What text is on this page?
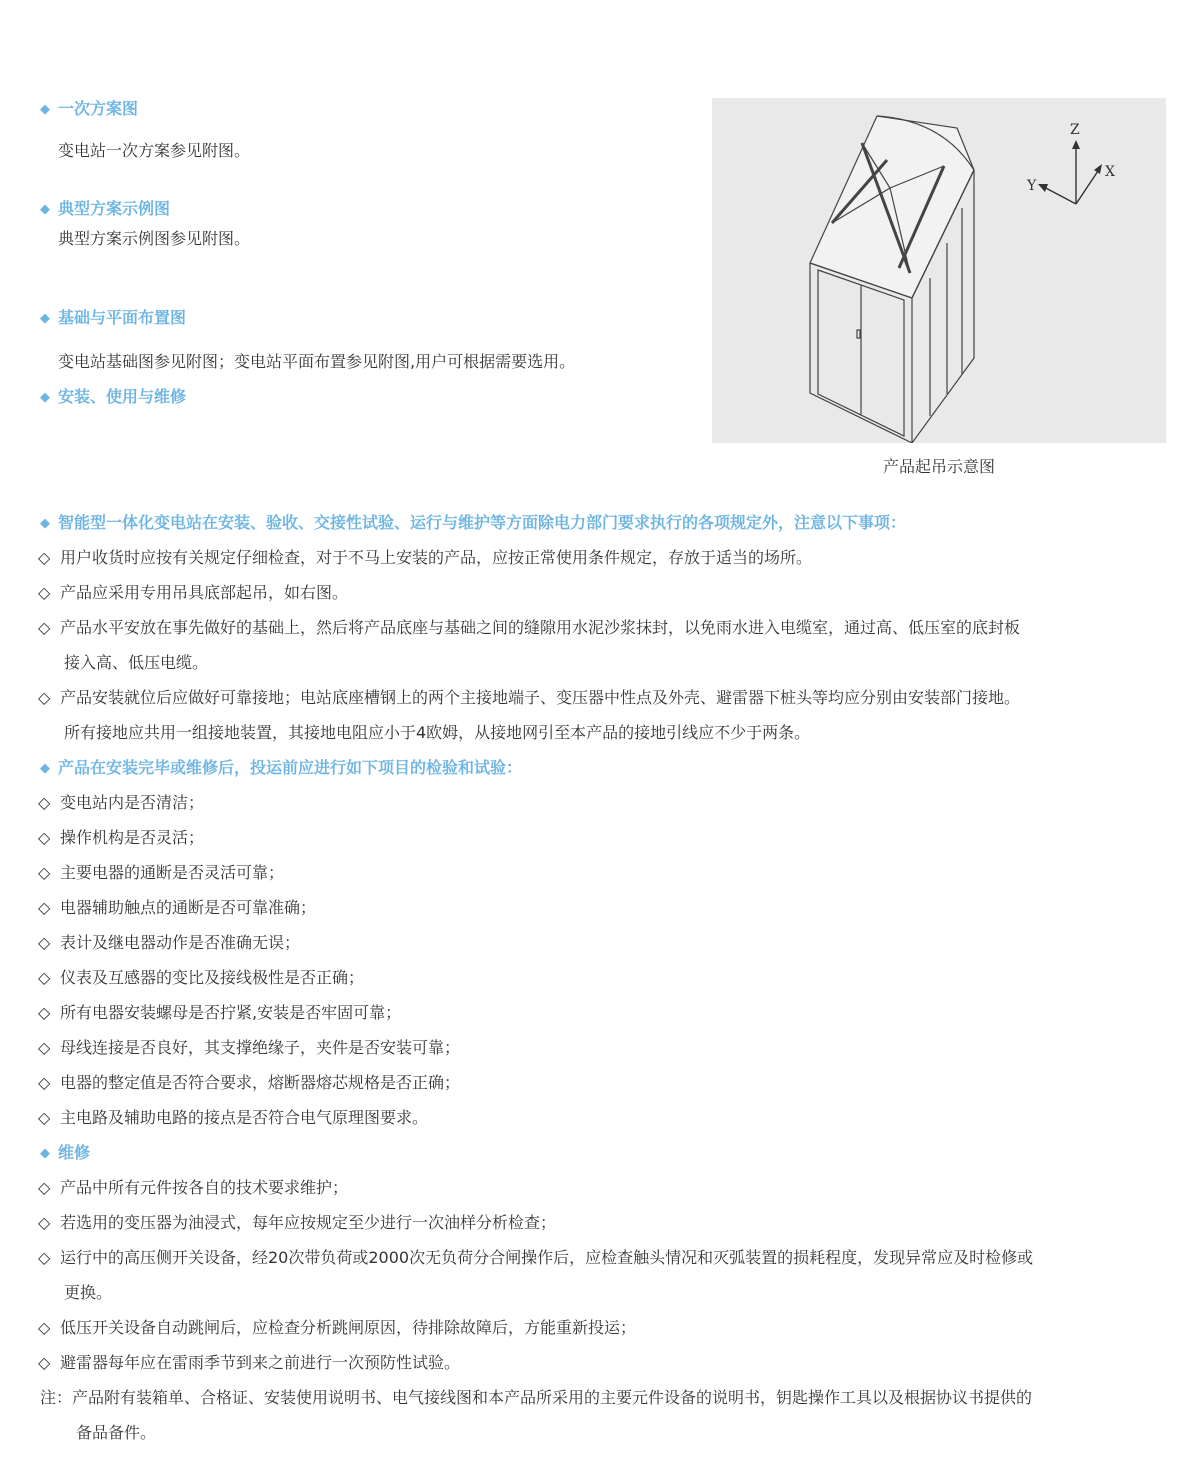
◆ 一次方案图
变电站一次方案参见附图。
◆ 典型方案示例图
典型方案示例图参见附图。
◆ 基础与平面布置图
变电站基础图参见附图；变电站平面布置参见附图,用户可根据需要选用。
◆ 安装、使用与维修
Z
X
Y
产品起吊示意图
◆ 智能型一体化变电站在安装、验收、交接性试验、运行与维护等方面除电力部门要求执行的各项规定外，注意以下事项：
◇ 用户收货时应按有关规定仔细检查，对于不马上安装的产品，应按正常使用条件规定，存放于适当的场所。
◇ 产品应采用专用吊具底部起吊，如右图。
◇ 产品水平安放在事先做好的基础上，然后将产品底座与基础之间的缝隙用水泥沙浆抹封，以免雨水进入电缆室，通过高、低压室的底封板
接入高、低压电缆。
◇ 产品安装就位后应做好可靠接地；电站底座槽钢上的两个主接地端子、变压器中性点及外壳、避雷器下桩头等均应分别由安装部门接地。
所有接地应共用一组接地装置，其接地电阻应小于4欧姆，从接地网引至本产品的接地引线应不少于两条。
◆ 产品在安装完毕或维修后，投运前应进行如下项目的检验和试验：
◇ 变电站内是否清洁；
◇ 操作机构是否灵活；
◇ 主要电器的通断是否灵活可靠；
◇ 电器辅助触点的通断是否可靠准确；
◇ 表计及继电器动作是否准确无误；
◇ 仪表及互感器的变比及接线极性是否正确；
◇ 所有电器安装螺母是否拧紧,安装是否牢固可靠；
◇ 母线连接是否良好，其支撑绝缘子，夹件是否安装可靠；
◇ 电器的整定值是否符合要求，熔断器熔芯规格是否正确；
◇ 主电路及辅助电路的接点是否符合电气原理图要求。
◆ 维修
◇ 产品中所有元件按各自的技术要求维护；
◇ 若选用的变压器为油浸式，每年应按规定至少进行一次油样分析检查；
◇ 运行中的高压侧开关设备，经20次带负荷或2000次无负荷分合闸操作后，应检查触头情况和灭弧装置的损耗程度，发现异常应及时检修或
更换。
◇ 低压开关设备自动跳闸后，应检查分析跳闸原因，待排除故障后，方能重新投运；
◇ 避雷器每年应在雷雨季节到来之前进行一次预防性试验。
注：产品附有装箱单、合格证、安装使用说明书、电气接线图和本产品所采用的主要元件设备的说明书，钥匙操作工具以及根据协议书提供的
备品备件。
